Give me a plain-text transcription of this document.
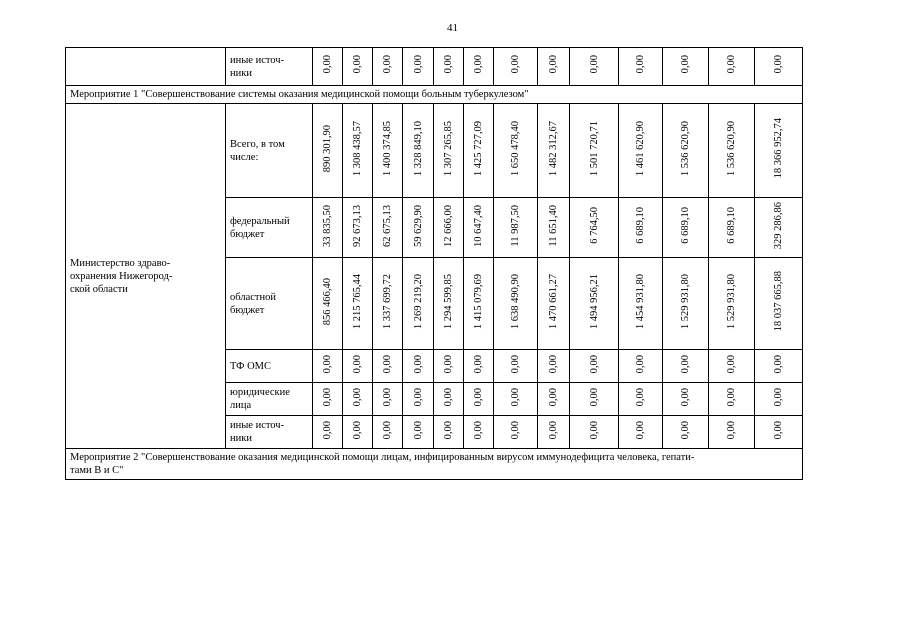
41
	иные источ-
ники	0,00	0,00	0,00	0,00	0,00	0,00	0,00	0,00	0,00	0,00	0,00	0,00	0,00
Мероприятие 1 "Совершенствование системы оказания медицинской помощи больным туберкулезом"														
Министерство здраво-
охранения Нижегород-
ской области	Всего, в том
числе:	890 301,90	1 308 438,57	1 400 374,85	1 328 849,10	1 307 265,85	1 425 727,09	1 650 478,40	1 482 312,67	1 501 720,71	1 461 620,90	1 536 620,90	1 536 620,90	18 366 952,74
	федеральный
бюджет	33 835,50	92 673,13	62 675,13	59 629,90	12 666,00	10 647,40	11 987,50	11 651,40	6 764,50	6 689,10	6 689,10	6 689,10	329 286,86
	областной
бюджет	856 466,40	1 215 765,44	1 337 699,72	1 269 219,20	1 294 599,85	1 415 079,69	1 638 490,90	1 470 661,27	1 494 956,21	1 454 931,80	1 529 931,80	1 529 931,80	18 037 665,88
	ТФ ОМС	0,00	0,00	0,00	0,00	0,00	0,00	0,00	0,00	0,00	0,00	0,00	0,00	0,00
	юридические
лица	0,00	0,00	0,00	0,00	0,00	0,00	0,00	0,00	0,00	0,00	0,00	0,00	0,00
	иные источ-
ники	0,00	0,00	0,00	0,00	0,00	0,00	0,00	0,00	0,00	0,00	0,00	0,00	0,00
Мероприятие 2 "Совершенствование оказания медицинской помощи лицам, инфицированным вирусом иммунодефицита человека, гепати-
тами В и С"														
